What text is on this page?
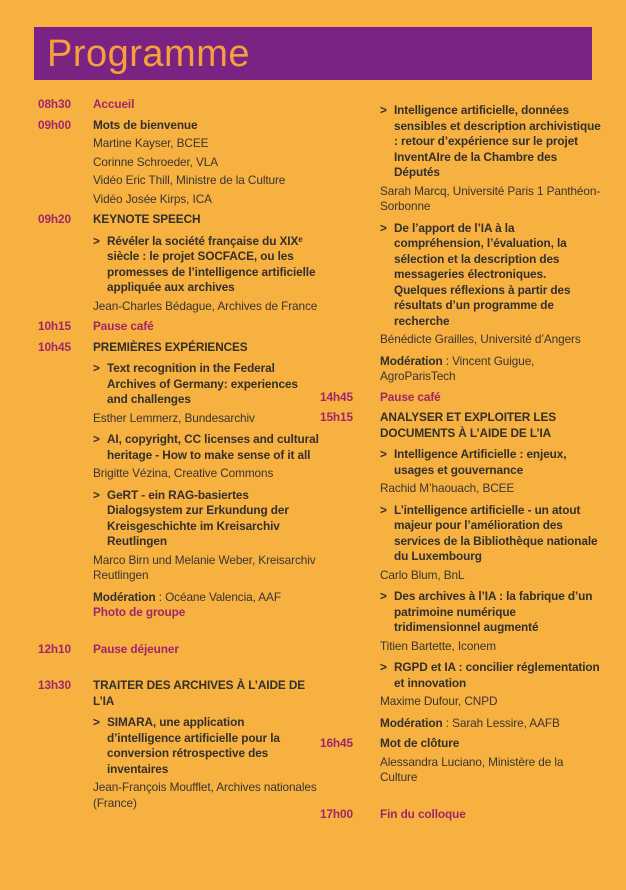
Programme
08h30	Accueil
09h00	Mots de bienvenue
Martine Kayser, BCEE
Corinne Schroeder, VLA
Vidéo Eric Thill, Ministre de la Culture
Vidéo Josée Kirps, ICA
09h20	KEYNOTE SPEECH
> Révéler la société française du XIXᵉ siècle : le projet SOCFACE, ou les promesses de l’intelligence artificielle appliquée aux archives
Jean-Charles Bédague, Archives de France
10h15	Pause café
10h45	PREMIÈRES EXPÉRIENCES
> Text recognition in the Federal Archives of Germany: experiences and challenges
Esther Lemmerz, Bundesarchiv
> AI, copyright, CC licenses and cultural heritage - How to make sense of it all
Brigitte Vézina, Creative Commons
> GeRT - ein RAG-basiertes Dialogsystem zur Erkundung der Kreisgeschichte im Kreisarchiv Reutlingen
Marco Birn und Melanie Weber, Kreisarchiv Reutlingen
Modération : Océane Valencia, AAF
Photo de groupe
12h10	Pause déjeuner
13h30	TRAITER DES ARCHIVES À L’AIDE DE L’IA
> SIMARA, une application d’intelligence artificielle pour la conversion rétrospective des inventaires
Jean-François Moufflet, Archives nationales (France)
> Intelligence artificielle, données sensibles et description archivistique : retour d’expérience sur le projet InventAIre de la Chambre des Députés
Sarah Marcq, Université Paris 1 Panthéon-Sorbonne
> De l’apport de l’IA à la compréhension, l’évaluation, la sélection et la description des messageries électroniques. Quelques réflexions à partir des résultats d’un programme de recherche
Bénédicte Grailles, Université d’Angers
Modération : Vincent Guigue, AgroParisTech
14h45	Pause café
15h15	ANALYSER ET EXPLOITER LES DOCUMENTS À L’AIDE DE L’IA
> Intelligence Artificielle : enjeux, usages et gouvernance
Rachid M’haouach, BCEE
> L’intelligence artificielle - un atout majeur pour l’amélioration des services de la Bibliothèque nationale du Luxembourg
Carlo Blum, BnL
> Des archives à l’IA : la fabrique d’un patrimoine numérique tridimensionnel augmenté
Titien Bartette, Iconem
> RGPD et IA : concilier réglementation et innovation
Maxime Dufour, CNPD
Modération : Sarah Lessire, AAFB
16h45	Mot de clôture
Alessandra Luciano, Ministère de la Culture
17h00	Fin du colloque
